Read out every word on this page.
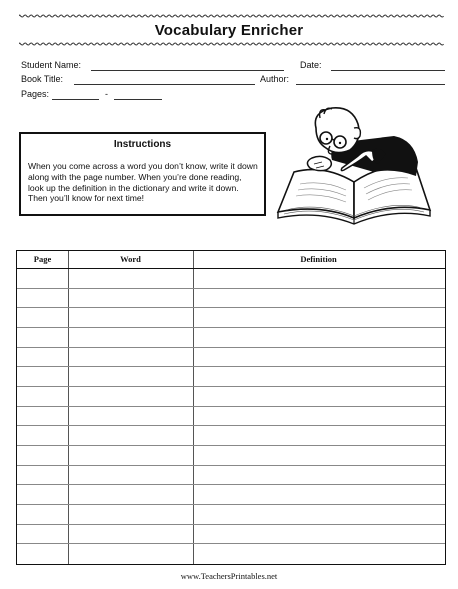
Vocabulary Enricher
Student Name:	Date:
Book Title:	Author:
Pages:	-
Instructions
When you come across a word you don’t know, write it down along with the page number. When you’re done reading, look up the definition in the dictionary and write it down. Then you’ll know for next time!
Page	Word	Definition
www.TeachersPrintables.net
